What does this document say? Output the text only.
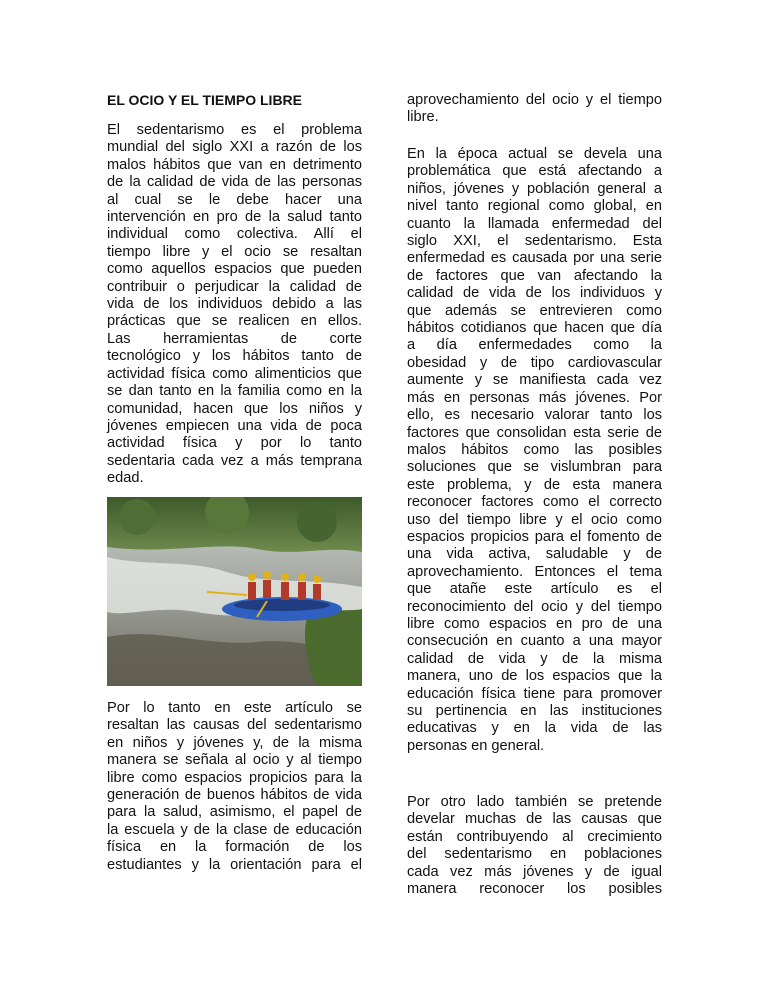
EL OCIO Y EL TIEMPO LIBRE
El sedentarismo es el problema
mundial del siglo XXI a razón de los
malos hábitos que van en detrimento
de la calidad de vida de las personas
al cual se le debe hacer una
intervención en pro de la salud tanto
individual como colectiva. Allí el
tiempo libre y el ocio se resaltan
como aquellos espacios que pueden
contribuir o perjudicar la calidad de
vida de los individuos debido a las
prácticas que se realicen en ellos.
Las herramientas de corte
tecnológico y los hábitos tanto de
actividad física como alimenticios que
se dan tanto en la familia como en la
comunidad, hacen que los niños y
jóvenes empiecen una vida de poca
actividad física y por lo tanto
sedentaria cada vez a más temprana
edad.
Por lo tanto en este artículo se
resaltan las causas del sedentarismo
en niños y jóvenes y, de la misma
manera se señala al ocio y al tiempo
libre como espacios propicios para la
generación de buenos hábitos de vida
para la salud, asimismo, el papel de
la escuela y de la clase de educación
física en la formación de los
estudiantes y la orientación para el
aprovechamiento del ocio y el tiempo
libre.
En la época actual se devela una
problemática que está afectando a
niños, jóvenes y población general a
nivel tanto regional como global, en
cuanto la llamada enfermedad del
siglo XXI, el sedentarismo. Esta
enfermedad es causada por una serie
de factores que van afectando la
calidad de vida de los individuos y
que además se entrevieren como
hábitos cotidianos que hacen que día
a día enfermedades como la
obesidad y de tipo cardiovascular
aumente y se manifiesta cada vez
más en personas más jóvenes. Por
ello, es necesario valorar tanto los
factores que consolidan esta serie de
malos hábitos como las posibles
soluciones que se vislumbran para
este problema, y de esta manera
reconocer factores como el correcto
uso del tiempo libre y el ocio como
espacios propicios para el fomento de
una vida activa, saludable y de
aprovechamiento. Entonces el tema
que atañe este artículo es el
reconocimiento del ocio y del tiempo
libre como espacios en pro de una
consecución en cuanto a una mayor
calidad de vida y de la misma
manera, uno de los espacios que la
educación física tiene para promover
su pertinencia en las instituciones
educativas y en la vida de las
personas en general.
Por otro lado también se pretende
develar muchas de las causas que
están contribuyendo al crecimiento
del sedentarismo en poblaciones
cada vez más jóvenes y de igual
manera reconocer los posibles
